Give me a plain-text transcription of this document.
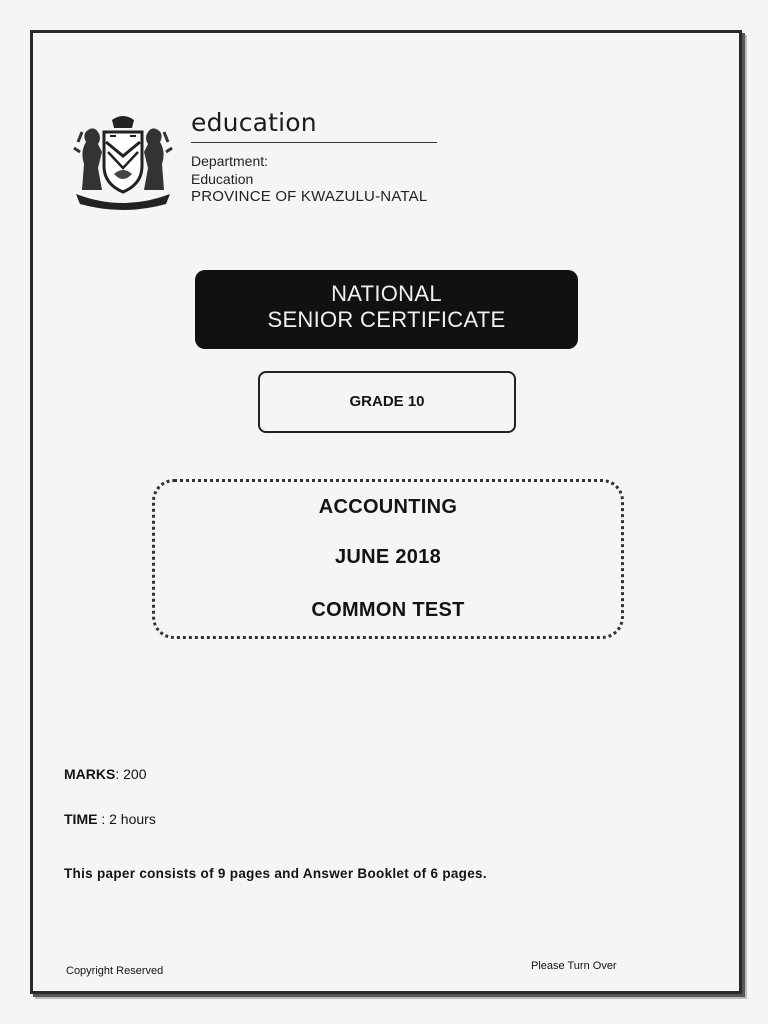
education
Department:
Education
PROVINCE OF KWAZULU-NATAL
NATIONAL
SENIOR CERTIFICATE
GRADE 10
ACCOUNTING
JUNE 2018
COMMON TEST
MARKS: 200
TIME : 2 hours
This paper consists of 9 pages and Answer Booklet of 6 pages.
Copyright Reserved	Please Turn Over
